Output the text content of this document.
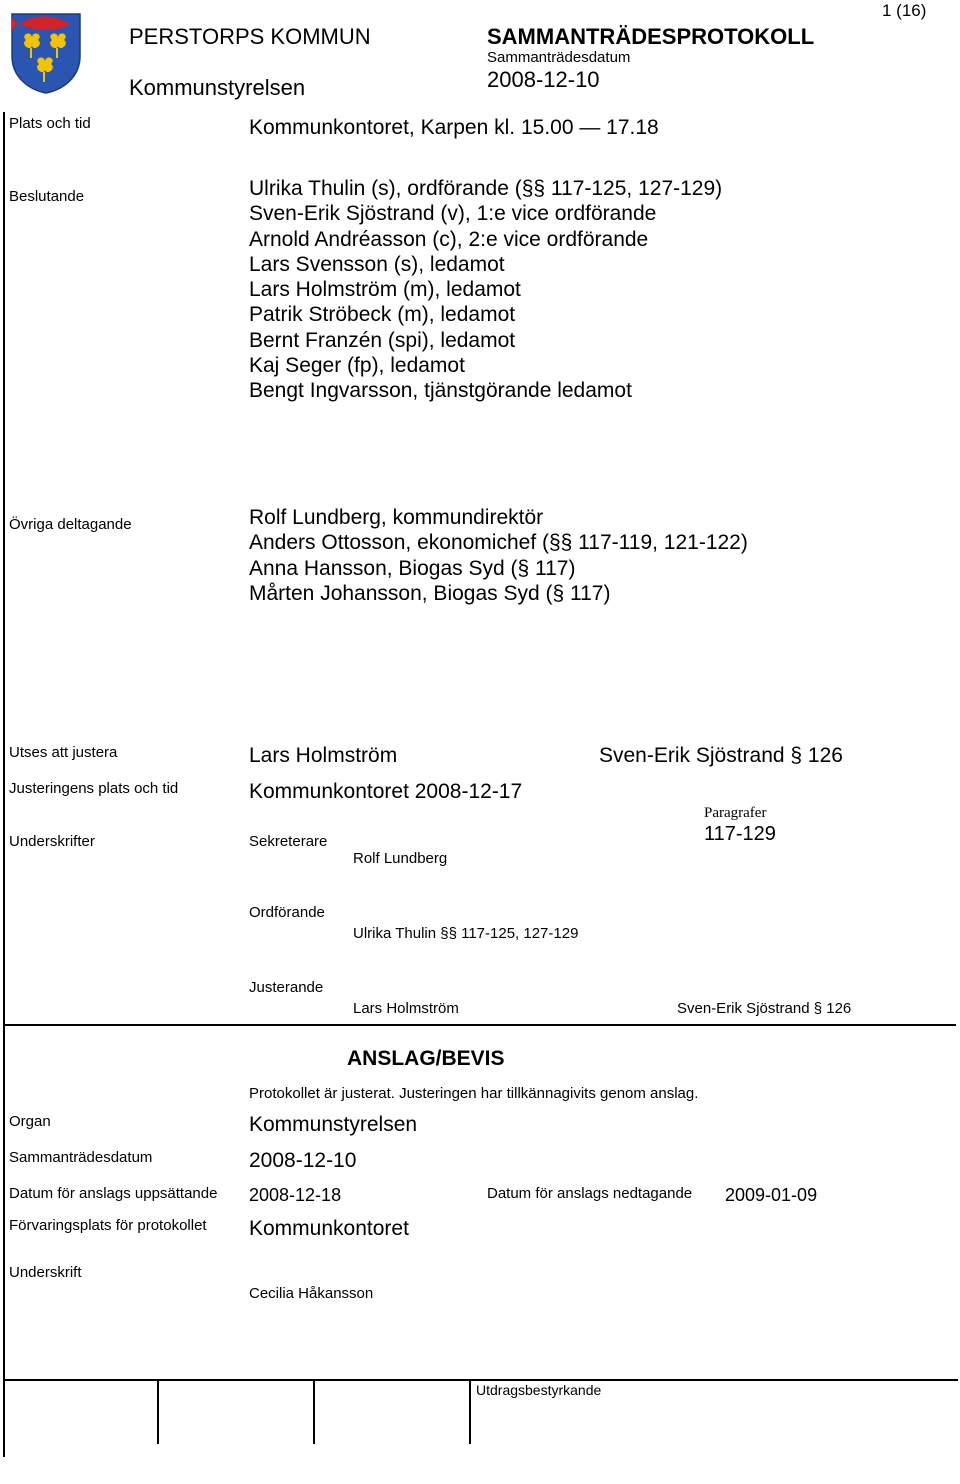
PERSTORPS KOMMUN
Kommunstyrelsen
SAMMANTRÄDESPROTOKOLL
Sammanträdesdatum
2008-12-10
1 (16)
Plats och tid	Kommunkontoret, Karpen kl. 15.00 — 17.18
Beslutande	Ulrika Thulin (s), ordförande (§§ 117-125, 127-129)
Sven-Erik Sjöstrand (v), 1:e vice ordförande
Arnold Andréasson (c), 2:e vice ordförande
Lars Svensson (s), ledamot
Lars Holmström (m), ledamot
Patrik Ströbeck (m), ledamot
Bernt Franzén (spi), ledamot
Kaj Seger (fp), ledamot
Bengt Ingvarsson, tjänstgörande ledamot
Övriga deltagande	Rolf Lundberg, kommundirektör
Anders Ottosson, ekonomichef (§§ 117-119, 121-122)
Anna Hansson, Biogas Syd (§ 117)
Mårten Johansson, Biogas Syd (§ 117)
Utses att justera	Lars Holmström	Sven-Erik Sjöstrand § 126
Justeringens plats och tid	Kommunkontoret 2008-12-17
Paragrafer
117-129
Underskrifter	Sekreterare
Rolf Lundberg
Ordförande
Ulrika Thulin §§ 117-125, 127-129
Justerande
Lars Holmström	Sven-Erik Sjöstrand § 126
ANSLAG/BEVIS
Protokollet är justerat. Justeringen har tillkännagivits genom anslag.
Organ	Kommunstyrelsen
Sammanträdesdatum	2008-12-10
Datum för anslags uppsättande 2008-12-18	Datum för anslags nedtagande 2009-01-09
Förvaringsplats för protokollet Kommunkontoret
Underskrift
Cecilia Håkansson
Utdragsbestyrkande
